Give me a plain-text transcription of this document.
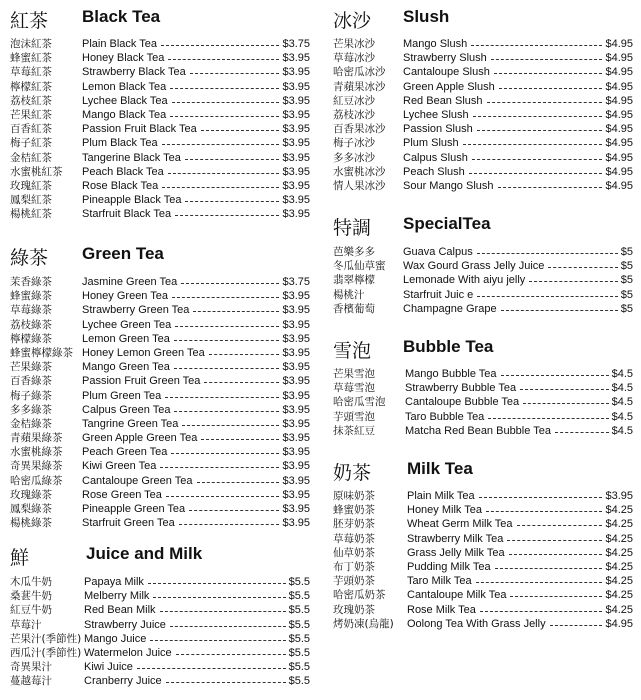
紅茶 Black Tea
泡沫紅茶	Plain Black Tea	$3.75
蜂蜜紅茶	Honey Black Tea	$3.95
草莓紅茶	Strawberry Black Tea	$3.95
檸檬紅茶	Lemon Black Tea	$3.95
荔枝紅茶	Lychee Black Tea	$3.95
芒果紅茶	Mango Black Tea	$3.95
百香紅茶	Passion Fruit Black Tea	$3.95
梅子紅茶	Plum Black Tea	$3.95
金桔紅茶	Tangerine Black Tea	$3.95
水蜜桃紅茶 Peach Black Tea	$3.95
玫瑰紅茶	Rose Black Tea	$3.95
鳳梨紅茶	Pineapple Black Tea	$3.95
楊桃紅茶	Starfruit Black Tea	$3.95
綠茶 Green Tea
茉香綠茶	Jasmine Green Tea	$3.75
蜂蜜綠茶	Honey Green Tea	$3.95
草莓綠茶	Strawberry Green Tea	$3.95
荔枝綠茶	Lychee Green Tea	$3.95
檸檬綠茶	Lemon Green Tea	$3.95
蜂蜜檸檬綠茶 Honey Lemon Green Tea	$3.95
芒果綠茶	Mango Green Tea	$3.95
百香綠茶	Passion Fruit Green Tea	$3.95
梅子綠茶	Plum Green Tea	$3.95
多多綠茶	Calpus Green Tea	$3.95
金桔綠茶	Tangrine Green Tea	$3.95
青蘋果綠茶 Green Apple Green Tea	$3.95
水蜜桃綠茶 Peach Green Tea	$3.95
奇異果綠茶 Kiwi Green Tea	$3.95
哈密瓜綠茶 Cantaloupe Green Tea	$3.95
玫瑰綠茶	Rose Green Tea	$3.95
鳳梨綠茶	Pineapple Green Tea	$3.95
楊桃綠茶	Starfruit Green Tea	$3.95
鮮	Juice and Milk
木瓜牛奶	Papaya Milk	$5.5
桑葚牛奶	Melberry Milk	$5.5
紅豆牛奶	Red Bean Milk	$5.5
草莓汁	Strawberry Juice	$5.5
芒果汁(季節性) Mango Juice	$5.5
西瓜汁(季節性) Watermelon Juice	$5.5
奇異果汁	Kiwi Juice	$5.5
蔓越莓汁	Cranberry Juice	$5.5
冰沙 Slush
芒果冰沙	Mango Slush	$4.95
草莓冰沙	Strawberry Slush	$4.95
哈密瓜冰沙 Cantaloupe Slush	$4.95
青蘋果冰沙 Green Apple Slush	$4.95
紅豆冰沙	Red Bean Slush	$4.95
荔枝冰沙	Lychee Slush	$4.95
百香果冰沙 Passion Slush	$4.95
梅子冰沙	Plum Slush	$4.95
多多冰沙	Calpus Slush	$4.95
水蜜桃冰沙 Peach Slush	$4.95
情人果冰沙 Sour Mango Slush	$4.95
特調 SpecialTea
芭樂多多	Guava Calpus	$5
冬瓜仙草蜜 Wax Gourd Grass Jelly Juice	$5
翡翠檸檬	Lemonade With aiyu jelly	$5
楊桃汁	Starfruit Juic e	$5
香檳葡萄	Champagne Grape	$5
雪泡 Bubble Tea
芒果雪泡	Mango Bubble Tea	$4.5
草莓雪泡	Strawberry Bubble Tea	$4.5
哈密瓜雪泡 Cantaloupe Bubble Tea	$4.5
芋頭雪泡	Taro Bubble Tea	$4.5
抹茶紅豆	Matcha Red Bean Bubble Tea	$4.5
奶茶 Milk Tea
原味奶茶	Plain Milk Tea	$3.95
蜂蜜奶茶	Honey Milk Tea	$4.25
胚芽奶茶	Wheat Germ Milk Tea	$4.25
草莓奶茶	Strawberry Milk Tea	$4.25
仙草奶茶	Grass Jelly Milk Tea	$4.25
布丁奶茶	Pudding Milk Tea	$4.25
芋頭奶茶	Taro Milk Tea	$4.25
哈密瓜奶茶 Cantaloupe Milk Tea	$4.25
玫瑰奶茶	Rose Milk Tea	$4.25
烤奶凍(烏龍) Oolong Tea With Grass Jelly	$4.95
